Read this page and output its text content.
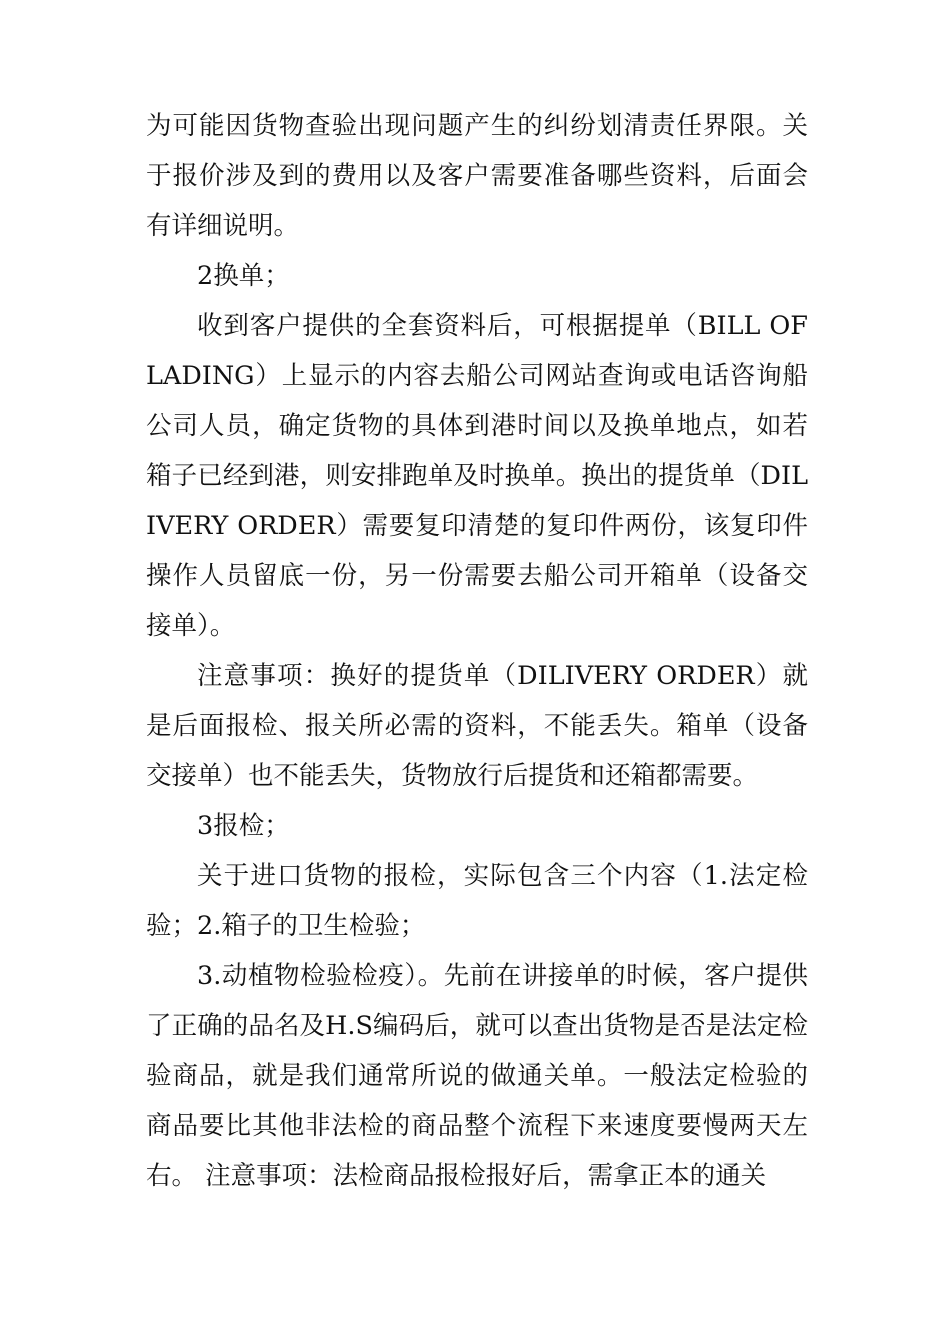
为可能因货物查验出现问题产生的纠纷划清责任界限。关于报价涉及到的费用以及客户需要准备哪些资料，后面会有详细说明。

2换单；

收到客户提供的全套资料后，可根据提单（BILL OF LADING）上显示的内容去船公司网站查询或电话咨询船公司人员，确定货物的具体到港时间以及换单地点，如若箱子已经到港，则安排跑单及时换单。换出的提货单（DILIVERY ORDER）需要复印清楚的复印件两份，该复印件操作人员留底一份，另一份需要去船公司开箱单（设备交接单）。

注意事项：换好的提货单（DILIVERY ORDER）就是后面报检、报关所必需的资料，不能丢失。箱单（设备交接单）也不能丢失，货物放行后提货和还箱都需要。

3报检；

关于进口货物的报检，实际包含三个内容（1.法定检验；2.箱子的卫生检验；

3.动植物检验检疫）。先前在讲接单的时候，客户提供了正确的品名及H.S编码后，就可以查出货物是否是法定检验商品，就是我们通常所说的做通关单。一般法定检验的商品要比其他非法检的商品整个流程下来速度要慢两天左右。 注意事项：法检商品报检报好后，需拿正本的通关
